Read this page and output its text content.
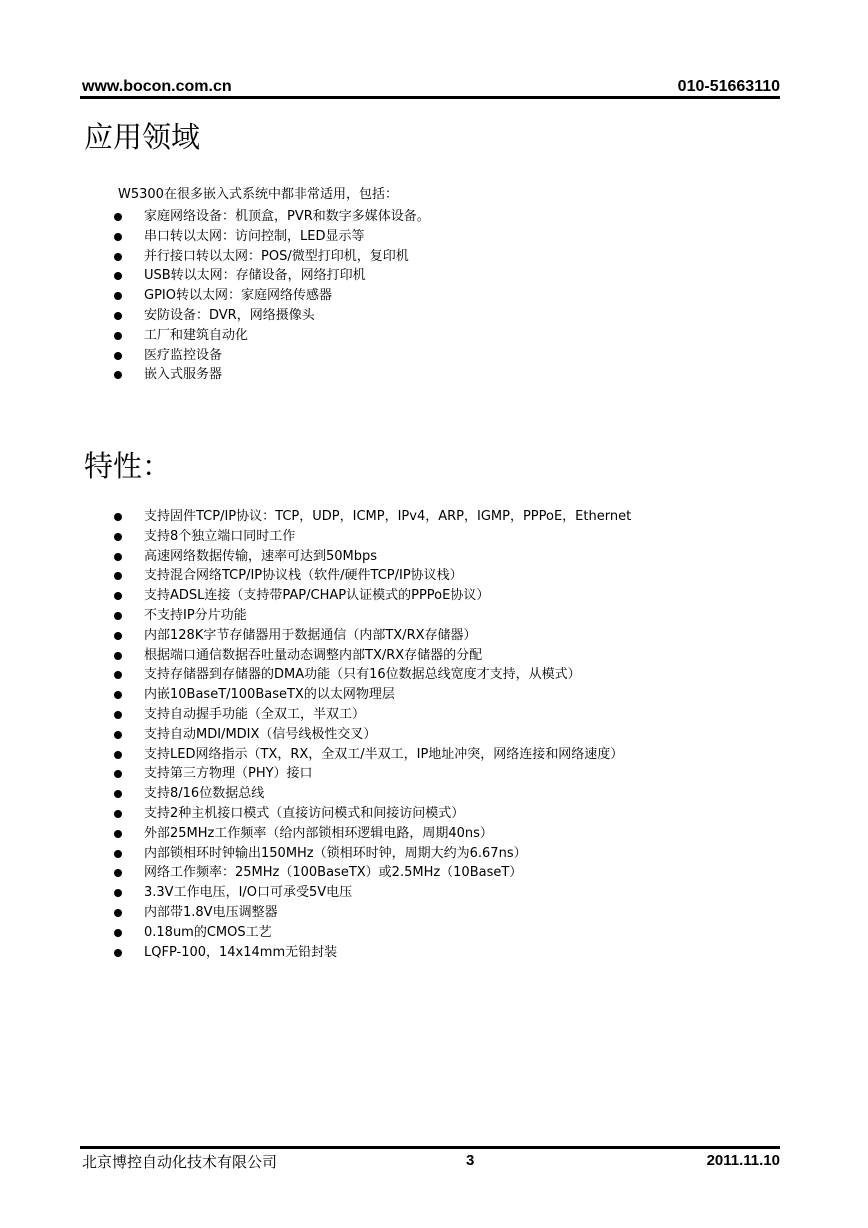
www.bocon.com.cn	010-51663110
应用领域
W5300在很多嵌入式系统中都非常适用，包括：
家庭网络设备：机顶盒，PVR和数字多媒体设备。
串口转以太网：访问控制，LED显示等
并行接口转以太网：POS/微型打印机，复印机
USB转以太网：存储设备，网络打印机
GPIO转以太网：家庭网络传感器
安防设备：DVR，网络摄像头
工厂和建筑自动化
医疗监控设备
嵌入式服务器
特性：
支持固件TCP/IP协议：TCP，UDP，ICMP，IPv4，ARP，IGMP，PPPoE，Ethernet
支持8个独立端口同时工作
高速网络数据传输，速率可达到50Mbps
支持混合网络TCP/IP协议栈（软件/硬件TCP/IP协议栈）
支持ADSL连接（支持带PAP/CHAP认证模式的PPPoE协议）
不支持IP分片功能
内部128K字节存储器用于数据通信（内部TX/RX存储器）
根据端口通信数据吞吐量动态调整内部TX/RX存储器的分配
支持存储器到存储器的DMA功能（只有16位数据总线宽度才支持，从模式）
内嵌10BaseT/100BaseTX的以太网物理层
支持自动握手功能（全双工，半双工）
支持自动MDI/MDIX（信号线极性交叉）
支持LED网络指示（TX，RX，全双工/半双工，IP地址冲突，网络连接和网络速度）
支持第三方物理（PHY）接口
支持8/16位数据总线
支持2种主机接口模式（直接访问模式和间接访问模式）
外部25MHz工作频率（给内部锁相环逻辑电路，周期40ns）
内部锁相环时钟输出150MHz（锁相环时钟，周期大约为6.67ns）
网络工作频率：25MHz（100BaseTX）或2.5MHz（10BaseT）
3.3V工作电压，I/O口可承受5V电压
内部带1.8V电压调整器
0.18um的CMOS工艺
LQFP-100，14x14mm无铅封装
北京博控自动化技术有限公司	3	2011.11.10
